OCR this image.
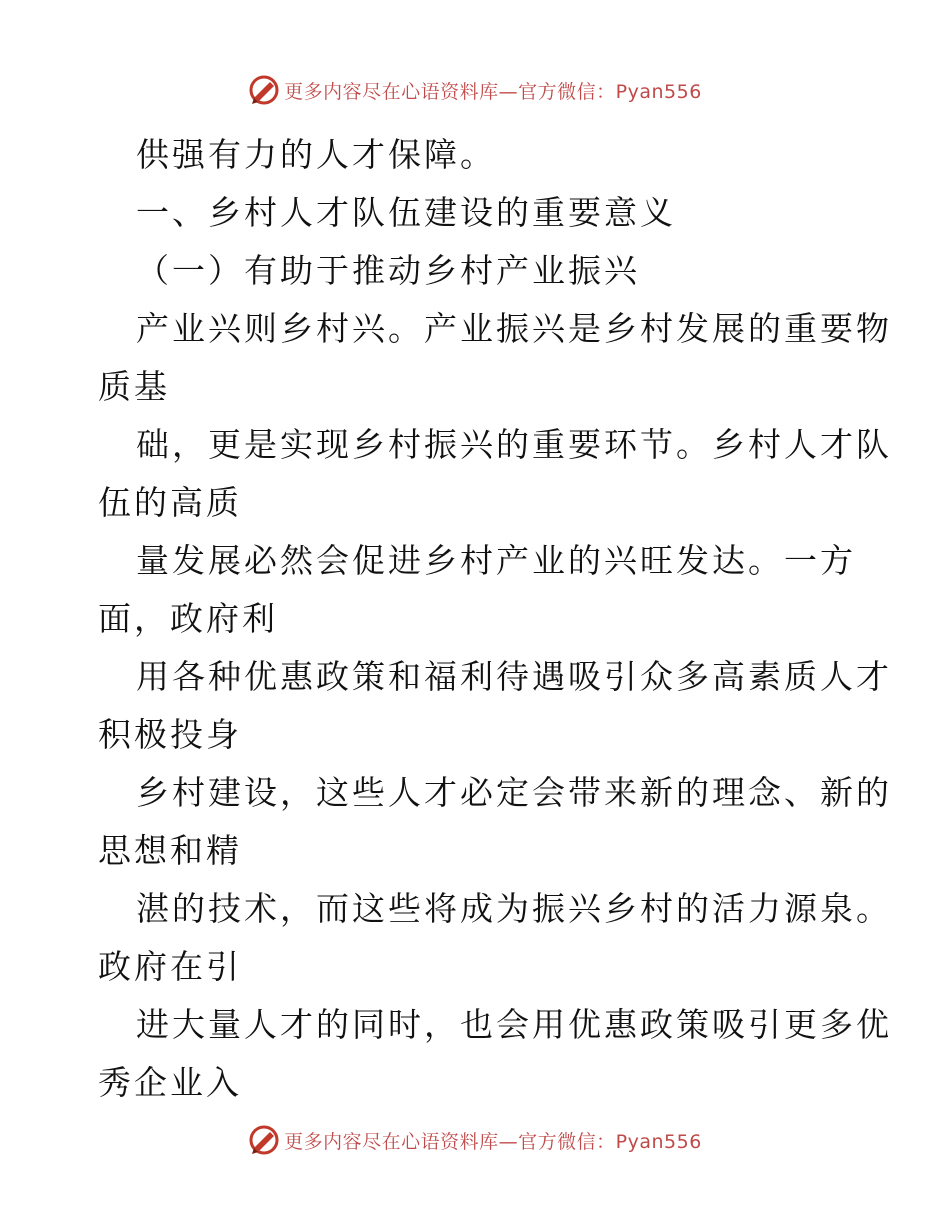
更多内容尽在心语资料库—官方微信：Pyan556
供强有力的人才保障。
一、乡村人才队伍建设的重要意义
（一）有助于推动乡村产业振兴
产业兴则乡村兴。产业振兴是乡村发展的重要物
质基
础，更是实现乡村振兴的重要环节。乡村人才队
伍的高质
量发展必然会促进乡村产业的兴旺发达。一方
面，政府利
用各种优惠政策和福利待遇吸引众多高素质人才
积极投身
乡村建设，这些人才必定会带来新的理念、新的
思想和精
湛的技术，而这些将成为振兴乡村的活力源泉。
政府在引
进大量人才的同时，也会用优惠政策吸引更多优
秀企业入
更多内容尽在心语资料库—官方微信：Pyan556
